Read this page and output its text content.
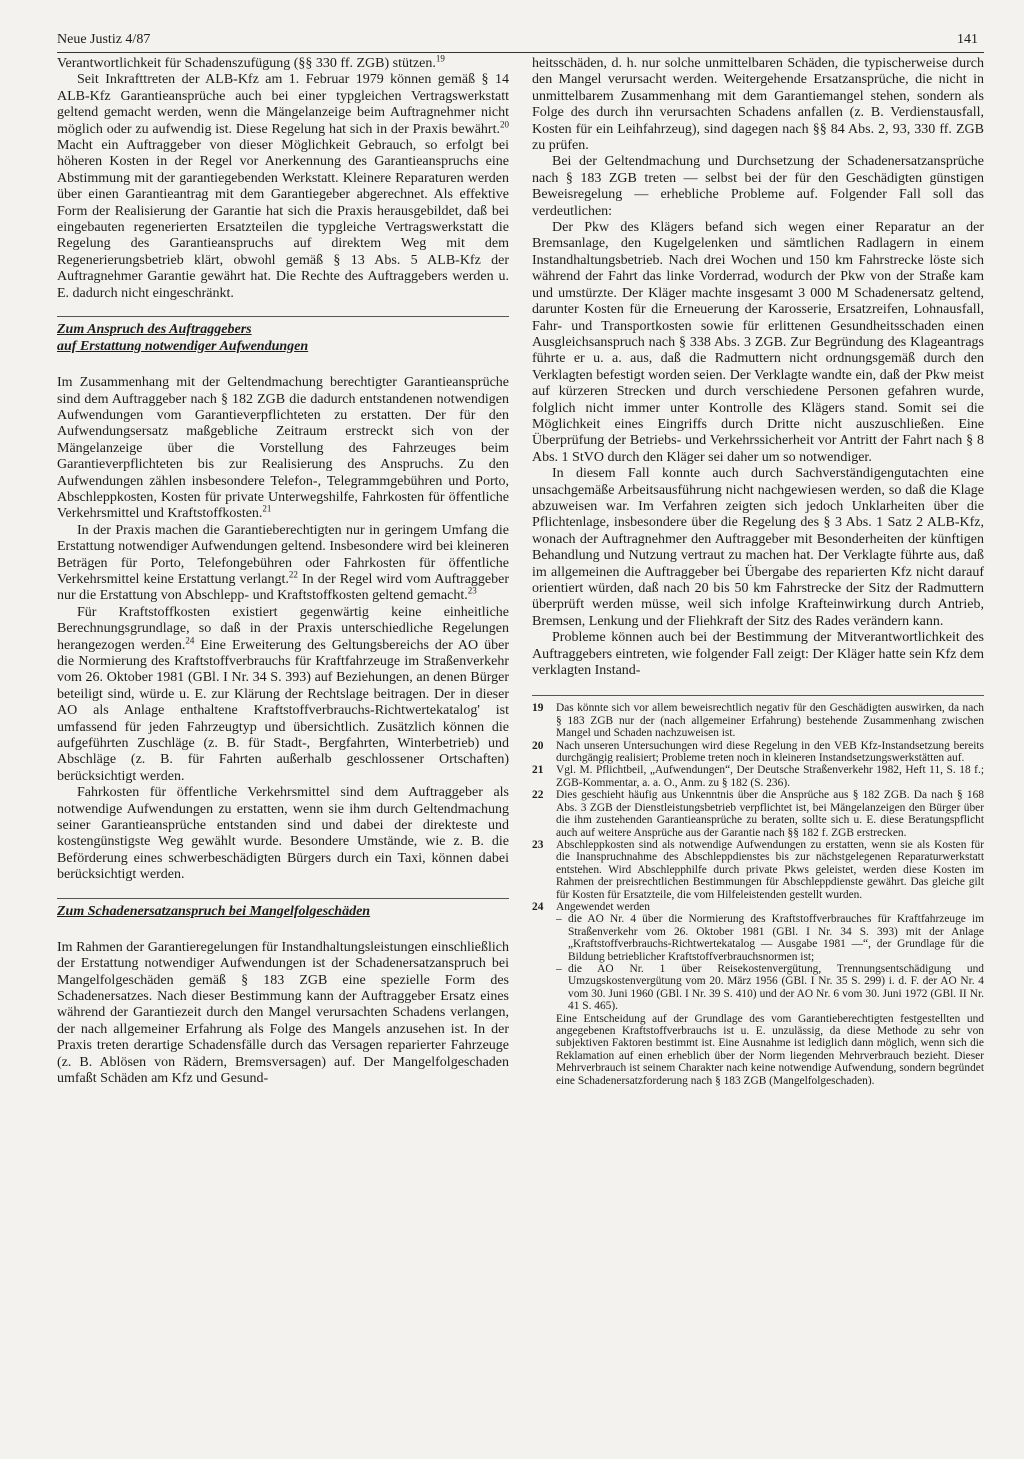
Neue Justiz 4/87	141

Verantwortlichkeit für Schadenszufügung (§§ 330 ff. ZGB) stützen.$^{19}$

Seit Inkrafttreten der ALB-Kfz am 1. Februar 1979 können gemäß § 14 ALB-Kfz Garantieansprüche auch bei einer typgleichen Vertragswerkstatt geltend gemacht werden, wenn die Mängelanzeige beim Auftragnehmer nicht möglich oder zu aufwendig ist. Diese Regelung hat sich in der Praxis bewährt.$^{20}$ Macht ein Auftraggeber von dieser Möglichkeit Gebrauch, so erfolgt bei höheren Kosten in der Regel vor Anerkennung des Garantieanspruchs eine Abstimmung mit der garantiegebenden Werkstatt. Kleinere Reparaturen werden über einen Garantieantrag mit dem Garantiegeber abgerechnet. Als effektive Form der Realisierung der Garantie hat sich die Praxis herausgebildet, daß bei eingebauten regenerierten Ersatzteilen die typgleiche Vertragswerkstatt die Regelung des Garantieanspruchs auf direktem Weg mit dem Regenerierungsbetrieb klärt, obwohl gemäß § 13 Abs. 5 ALB-Kfz der Auftragnehmer Garantie gewährt hat. Die Rechte des Auftraggebers werden u. E. dadurch nicht eingeschränkt.

Zum Anspruch des Auftraggebers
auf Erstattung notwendiger Aufwendungen

Im Zusammenhang mit der Geltendmachung berechtigter Garantieansprüche sind dem Auftraggeber nach § 182 ZGB die dadurch entstandenen notwendigen Aufwendungen vom Garantieverpflichteten zu erstatten. Der für den Aufwendungsersatz maßgebliche Zeitraum erstreckt sich von der Mängelanzeige über die Vorstellung des Fahrzeuges beim Garantieverpflichteten bis zur Realisierung des Anspruchs. Zu den Aufwendungen zählen insbesondere Telefon-, Telegrammgebühren und Porto, Abschleppkosten, Kosten für private Unterwegshilfe, Fahrkosten für öffentliche Verkehrsmittel und Kraftstoffkosten.$^{21}$

In der Praxis machen die Garantieberechtigten nur in geringem Umfang die Erstattung notwendiger Aufwendungen geltend. Insbesondere wird bei kleineren Beträgen für Porto, Telefongebühren oder Fahrkosten für öffentliche Verkehrsmittel keine Erstattung verlangt.$^{22}$ In der Regel wird vom Auftraggeber nur die Erstattung von Abschlepp- und Kraftstoffkosten geltend gemacht.$^{23}$

Für Kraftstoffkosten existiert gegenwärtig keine einheitliche Berechnungsgrundlage, so daß in der Praxis unterschiedliche Regelungen herangezogen werden.$^{24}$ Eine Erweiterung des Geltungsbereichs der AO über die Normierung des Kraftstoffverbrauchs für Kraftfahrzeuge im Straßenverkehr vom 26. Oktober 1981 (GBl. I Nr. 34 S. 393) auf Beziehungen, an denen Bürger beteiligt sind, würde u. E. zur Klärung der Rechtslage beitragen. Der in dieser AO als Anlage enthaltene Kraftstoffverbrauchs-Richtwertekatalog' ist umfassend für jeden Fahrzeugtyp und übersichtlich. Zusätzlich können die aufgeführten Zuschläge (z. B. für Stadt-, Bergfahrten, Winterbetrieb) und Abschläge (z. B. für Fahrten außerhalb geschlossener Ortschaften) berücksichtigt werden.

Fahrkosten für öffentliche Verkehrsmittel sind dem Auftraggeber als notwendige Aufwendungen zu erstatten, wenn sie ihm durch Geltendmachung seiner Garantieansprüche entstanden sind und dabei der direkteste und kostengünstigste Weg gewählt wurde. Besondere Umstände, wie z. B. die Beförderung eines schwerbeschädigten Bürgers durch ein Taxi, können dabei berücksichtigt werden.

Zum Schadenersatzanspruch bei Mangelfolgeschäden

Im Rahmen der Garantieregelungen für Instandhaltungsleistungen einschließlich der Erstattung notwendiger Aufwendungen ist der Schadenersatzanspruch bei Mangelfolgeschäden gemäß § 183 ZGB eine spezielle Form des Schadenersatzes. Nach dieser Bestimmung kann der Auftraggeber Ersatz eines während der Garantiezeit durch den Mangel verursachten Schadens verlangen, der nach allgemeiner Erfahrung als Folge des Mangels anzusehen ist. In der Praxis treten derartige Schadensfälle durch das Versagen reparierter Fahrzeuge (z. B. Ablösen von Rädern, Bremsversagen) auf. Der Mangelfolgeschaden umfaßt Schäden am Kfz und Gesund-

heitsschäden, d. h. nur solche unmittelbaren Schäden, die typischerweise durch den Mangel verursacht werden. Weitergehende Ersatzansprüche, die nicht in unmittelbarem Zusammenhang mit dem Garantiemangel stehen, sondern als Folge des durch ihn verursachten Schadens anfallen (z. B. Verdienstausfall, Kosten für ein Leihfahrzeug), sind dagegen nach §§ 84 Abs. 2, 93, 330 ff. ZGB zu prüfen.

Bei der Geltendmachung und Durchsetzung der Schadenersatzansprüche nach § 183 ZGB treten — selbst bei der für den Geschädigten günstigen Beweisregelung — erhebliche Probleme auf. Folgender Fall soll das verdeutlichen:

Der Pkw des Klägers befand sich wegen einer Reparatur an der Bremsanlage, den Kugelgelenken und sämtlichen Radlagern in einem Instandhaltungsbetrieb. Nach drei Wochen und 150 km Fahrstrecke löste sich während der Fahrt das linke Vorderrad, wodurch der Pkw von der Straße kam und umstürzte. Der Kläger machte insgesamt 3 000 M Schadenersatz geltend, darunter Kosten für die Erneuerung der Karosserie, Ersatzreifen, Lohnausfall, Fahr- und Transportkosten sowie für erlittenen Gesundheitsschaden einen Ausgleichsanspruch nach § 338 Abs. 3 ZGB. Zur Begründung des Klageantrags führte er u. a. aus, daß die Radmuttern nicht ordnungsgemäß durch den Verklagten befestigt worden seien. Der Verklagte wandte ein, daß der Pkw meist auf kürzeren Strecken und durch verschiedene Personen gefahren wurde, folglich nicht immer unter Kontrolle des Klägers stand. Somit sei die Möglichkeit eines Eingriffs durch Dritte nicht auszuschließen. Eine Überprüfung der Betriebs- und Verkehrssicherheit vor Antritt der Fahrt nach § 8 Abs. 1 StVO durch den Kläger sei daher um so notwendiger.

In diesem Fall konnte auch durch Sachverständigengutachten eine unsachgemäße Arbeitsausführung nicht nachgewiesen werden, so daß die Klage abzuweisen war. Im Verfahren zeigten sich jedoch Unklarheiten über die Pflichtenlage, insbesondere über die Regelung des § 3 Abs. 1 Satz 2 ALB-Kfz, wonach der Auftragnehmer den Auftraggeber mit Besonderheiten der künftigen Behandlung und Nutzung vertraut zu machen hat. Der Verklagte führte aus, daß im allgemeinen die Auftraggeber bei Übergabe des reparierten Kfz nicht darauf orientiert würden, daß nach 20 bis 50 km Fahrstrecke der Sitz der Radmuttern überprüft werden müsse, weil sich infolge Krafteinwirkung durch Antrieb, Bremsen, Lenkung und der Fliehkraft der Sitz des Rades verändern kann.

Probleme können auch bei der Bestimmung der Mitverantwortlichkeit des Auftraggebers eintreten, wie folgender Fall zeigt: Der Kläger hatte sein Kfz dem verklagten Instand-

19	Das könnte sich vor allem beweisrechtlich negativ für den Geschädigten auswirken, da nach § 183 ZGB nur der (nach allgemeiner Erfahrung) bestehende Zusammenhang zwischen Mangel und Schaden nachzuweisen ist.
20	Nach unseren Untersuchungen wird diese Regelung in den VEB Kfz-Instandsetzung bereits durchgängig realisiert; Probleme treten noch in kleineren Instandsetzungswerkstätten auf.
21	Vgl. M. Pflichtbeil, „Aufwendungen“, Der Deutsche Straßenverkehr 1982, Heft 11, S. 18 f.; ZGB-Kommentar, a. a. O., Anm. zu § 182 (S. 236).
22	Dies geschieht häufig aus Unkenntnis über die Ansprüche aus § 182 ZGB. Da nach § 168 Abs. 3 ZGB der Dienstleistungsbetrieb verpflichtet ist, bei Mängelanzeigen den Bürger über die ihm zustehenden Garantieansprüche zu beraten, sollte sich u. E. diese Beratungspflicht auch auf weitere Ansprüche aus der Garantie nach §§ 182 f. ZGB erstrecken.
23	Abschleppkosten sind als notwendige Aufwendungen zu erstatten, wenn sie als Kosten für die Inanspruchnahme des Abschleppdienstes bis zur nächstgelegenen Reparaturwerkstatt entstehen. Wird Abschlepphilfe durch private Pkws geleistet, werden diese Kosten im Rahmen der preisrechtlichen Bestimmungen für Abschleppdienste gewährt. Das gleiche gilt für Kosten für Ersatzteile, die vom Hilfeleistenden gestellt wurden.
24	Angewendet werden
– die AO Nr. 4 über die Normierung des Kraftstoffverbrauches für Kraftfahrzeuge im Straßenverkehr vom 26. Oktober 1981 (GBl. I Nr. 34 S. 393) mit der Anlage „Kraftstoffverbrauchs-Richtwertekatalog — Ausgabe 1981 —“, der Grundlage für die Bildung betrieblicher Kraftstoffverbrauchsnormen ist;
– die AO Nr. 1 über Reisekostenvergütung, Trennungsentschädigung und Umzugskostenvergütung vom 20. März 1956 (GBl. I Nr. 35 S. 299) i. d. F. der AO Nr. 4 vom 30. Juni 1960 (GBl. I Nr. 39 S. 410) und der AO Nr. 6 vom 30. Juni 1972 (GBl. II Nr. 41 S. 465).
Eine Entscheidung auf der Grundlage des vom Garantieberechtigten festgestellten und angegebenen Kraftstoffverbrauchs ist u. E. unzulässig, da diese Methode zu sehr von subjektiven Faktoren bestimmt ist. Eine Ausnahme ist lediglich dann möglich, wenn sich die Reklamation auf einen erheblich über der Norm liegenden Mehrverbrauch bezieht. Dieser Mehrverbrauch ist seinem Charakter nach keine notwendige Aufwendung, sondern begründet eine Schadenersatzforderung nach § 183 ZGB (Mangelfolgeschaden).
